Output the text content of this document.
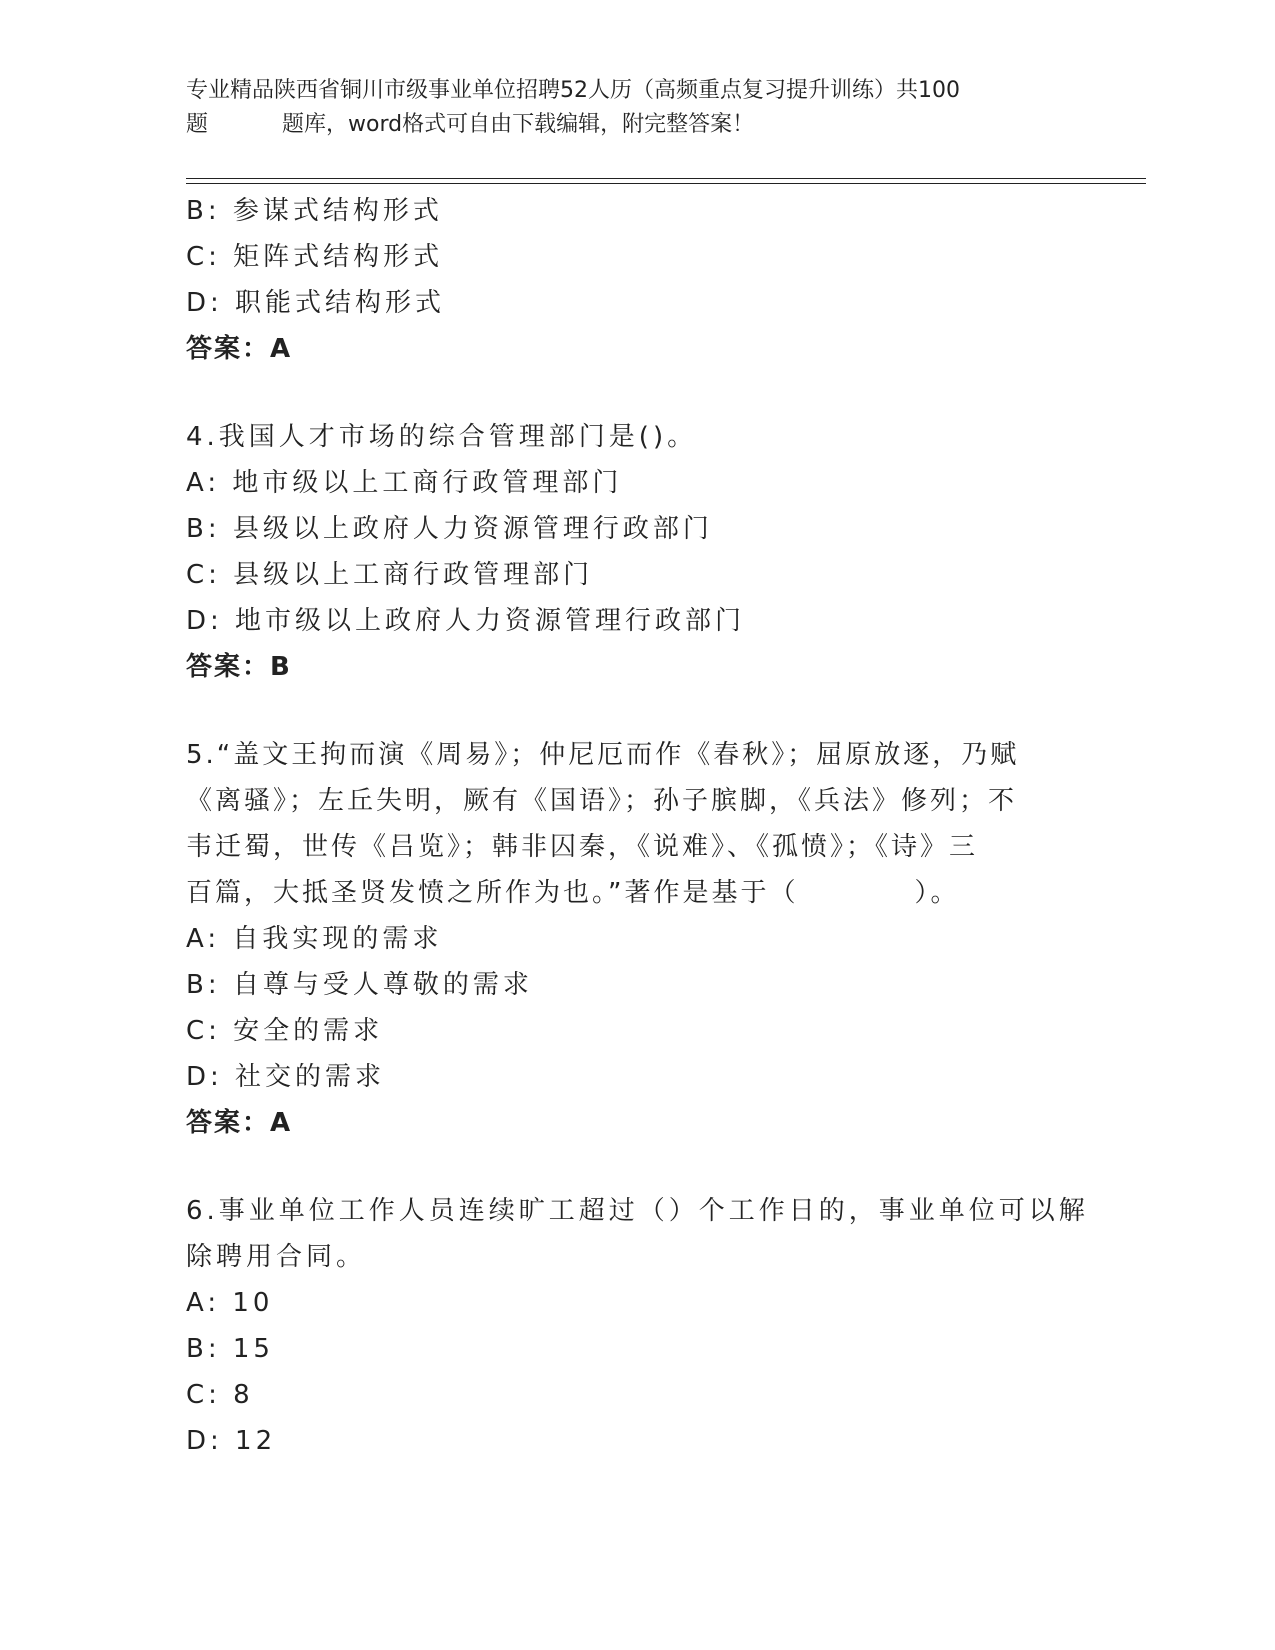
专业精品陕西省铜川市级事业单位招聘52人历（高频重点复习提升训练）共100
题	题库，word格式可自由下载编辑，附完整答案！
B: 参谋式结构形式
C: 矩阵式结构形式
D: 职能式结构形式
答案：A
4.我国人才市场的综合管理部门是()。
A: 地市级以上工商行政管理部门
B: 县级以上政府人力资源管理行政部门
C: 县级以上工商行政管理部门
D: 地市级以上政府人力资源管理行政部门
答案：B
5.“盖文王拘而演《周易》；仲尼厄而作《春秋》；屈原放逐，乃赋
《离骚》；左丘失明，厥有《国语》；孙子膑脚，《兵法》修列；不
韦迁蜀，世传《吕览》；韩非囚秦，《说难》、《孤愤》；《诗》三
百篇，大抵圣贤发愤之所作为也。”著作是基于（　　　　）。
A: 自我实现的需求
B: 自尊与受人尊敬的需求
C: 安全的需求
D: 社交的需求
答案：A
6.事业单位工作人员连续旷工超过（）个工作日的，事业单位可以解
除聘用合同。
A: 10
B: 15
C: 8
D: 12
